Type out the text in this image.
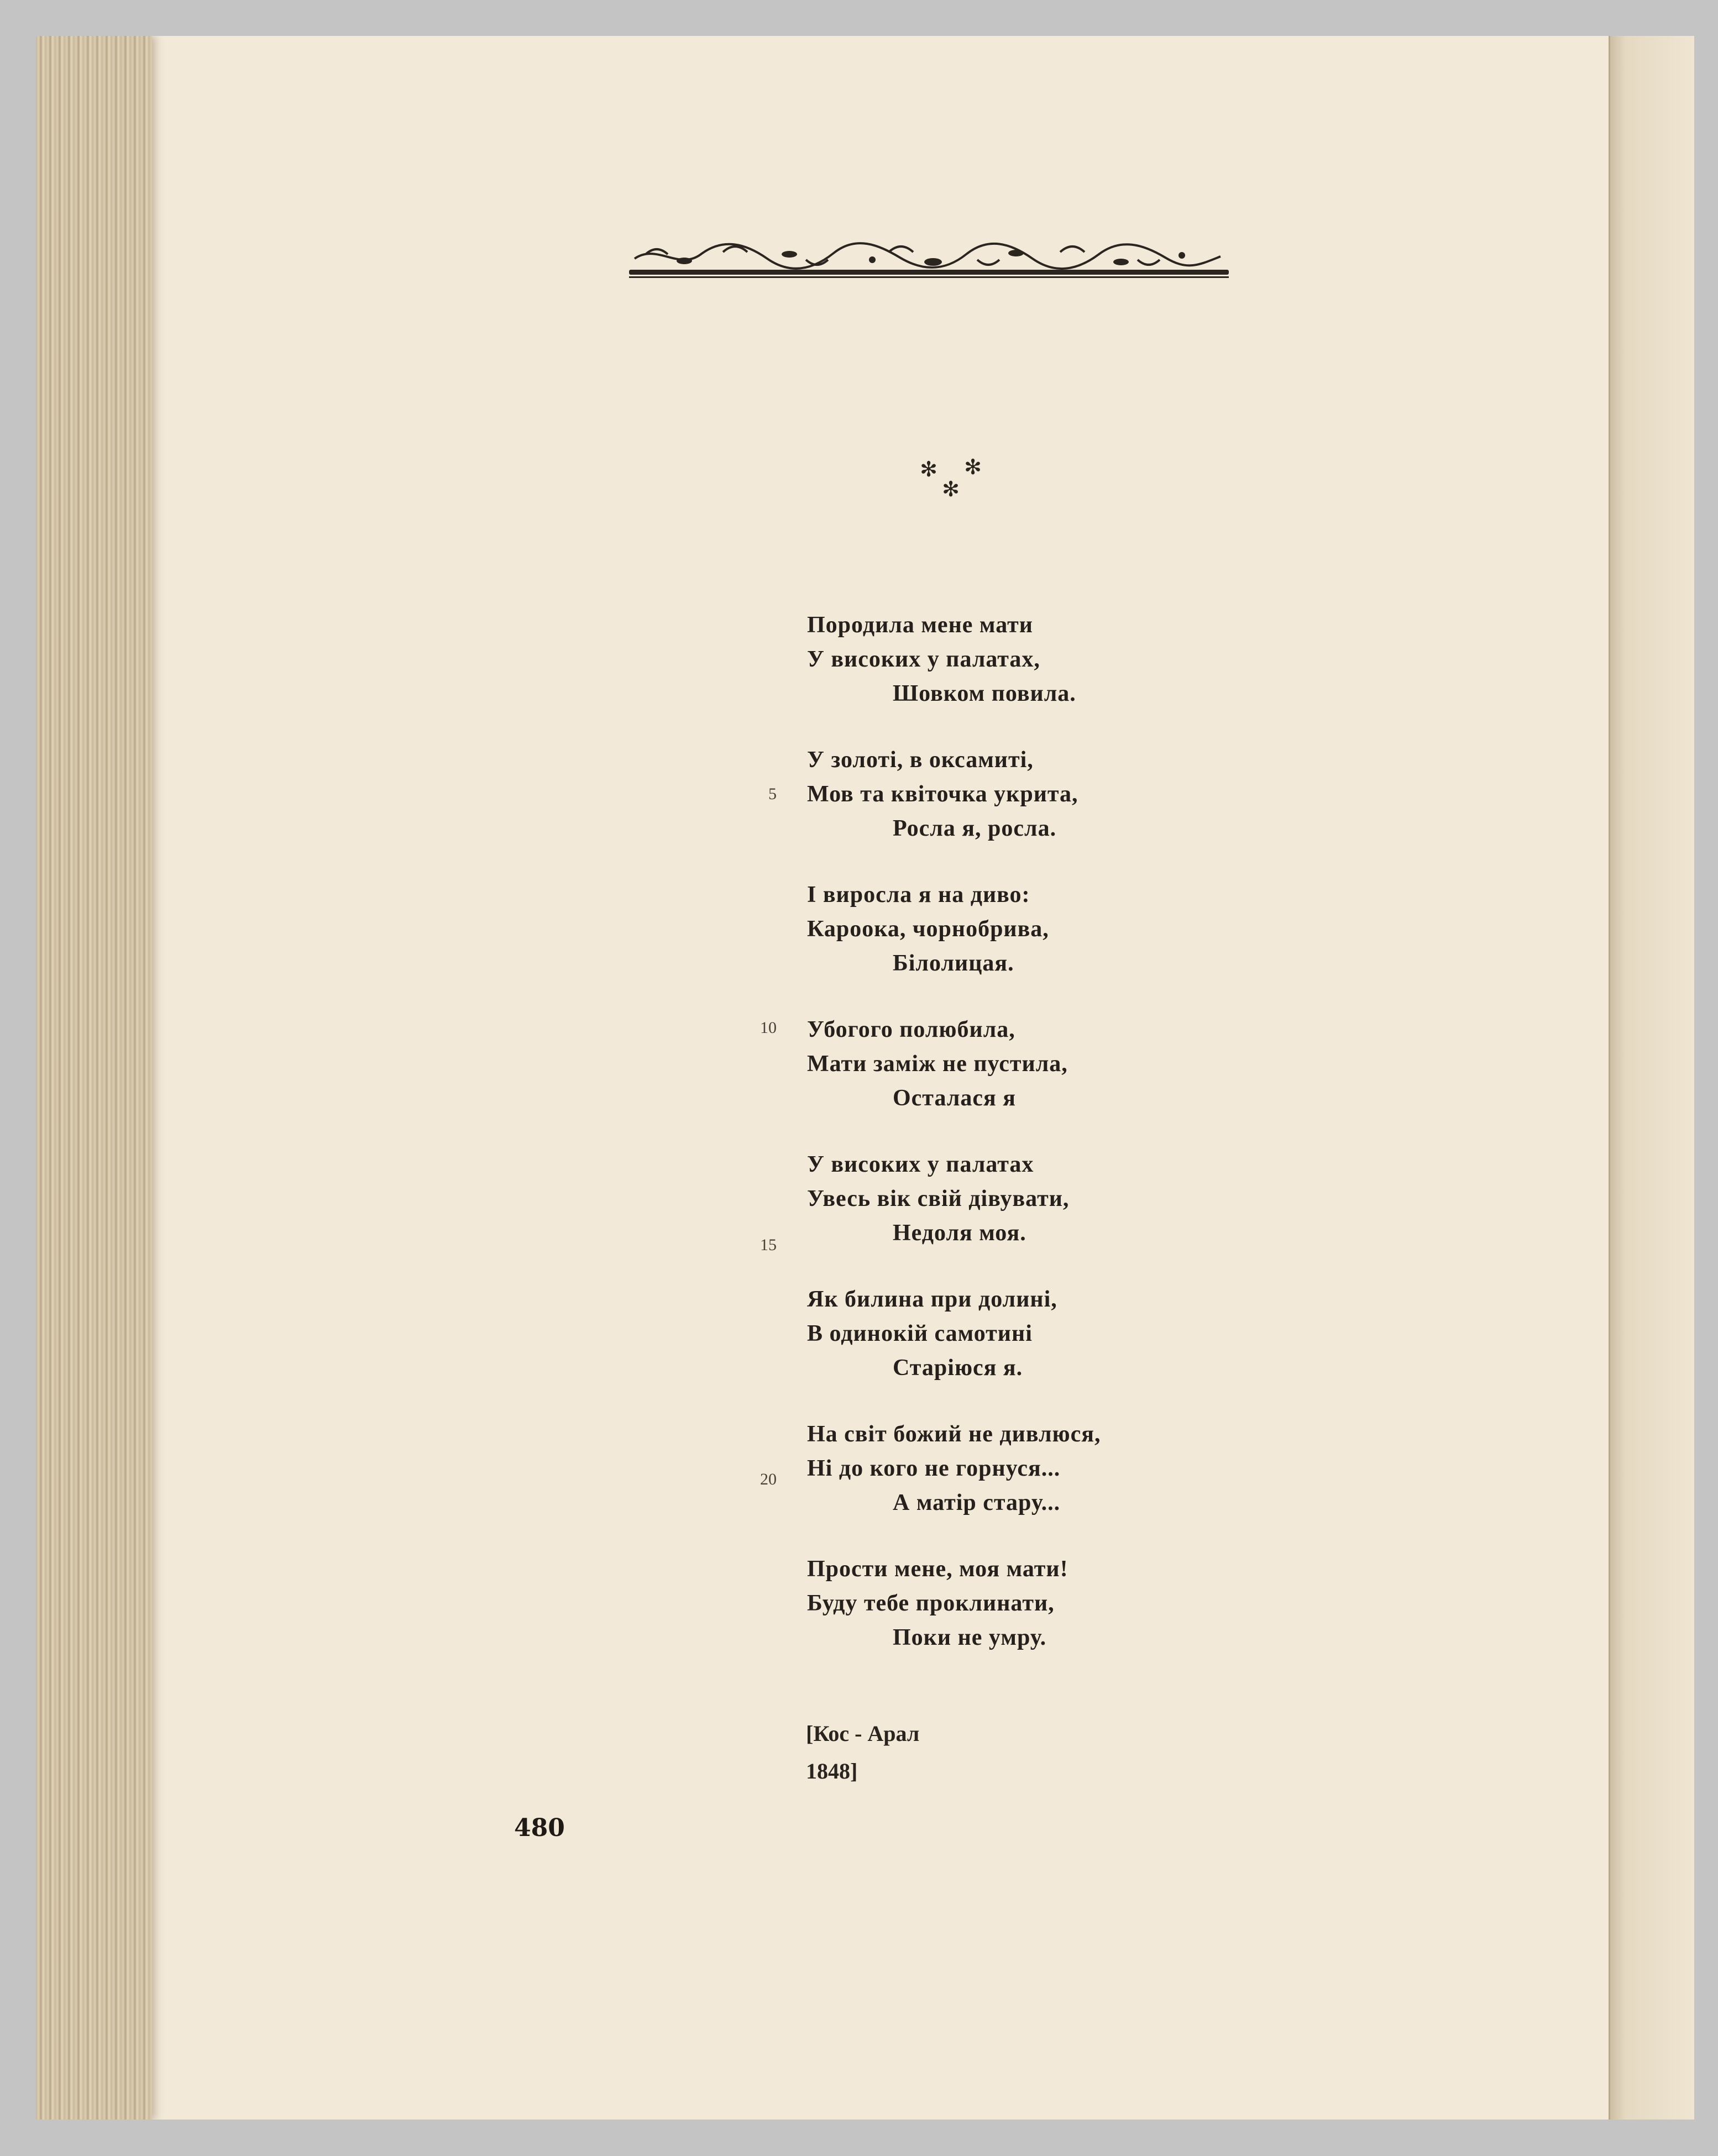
✻ ✻
✻
Породила мене мати
У високих у палатах,
Шовком повила.
У золоті, в оксамиті,
Мов та квіточка укрита,
Росла я, росла.
І виросла я на диво:
Кароока, чорнобрива,
Білолицая.
Убогого полюбила,
Мати заміж не пустила,
Осталася я
У високих у палатах
Увесь вік свій дівувати,
Недоля моя.
Як билина при долині,
В одинокій самотині
Старіюся я.
На світ божий не дивлюся,
Ні до кого не горнуся...
А матір стару...
Прости мене, моя мати!
Буду тебе проклинати,
Поки не умру.
5
10
15
20
[Кос - Арал
1848]
480
